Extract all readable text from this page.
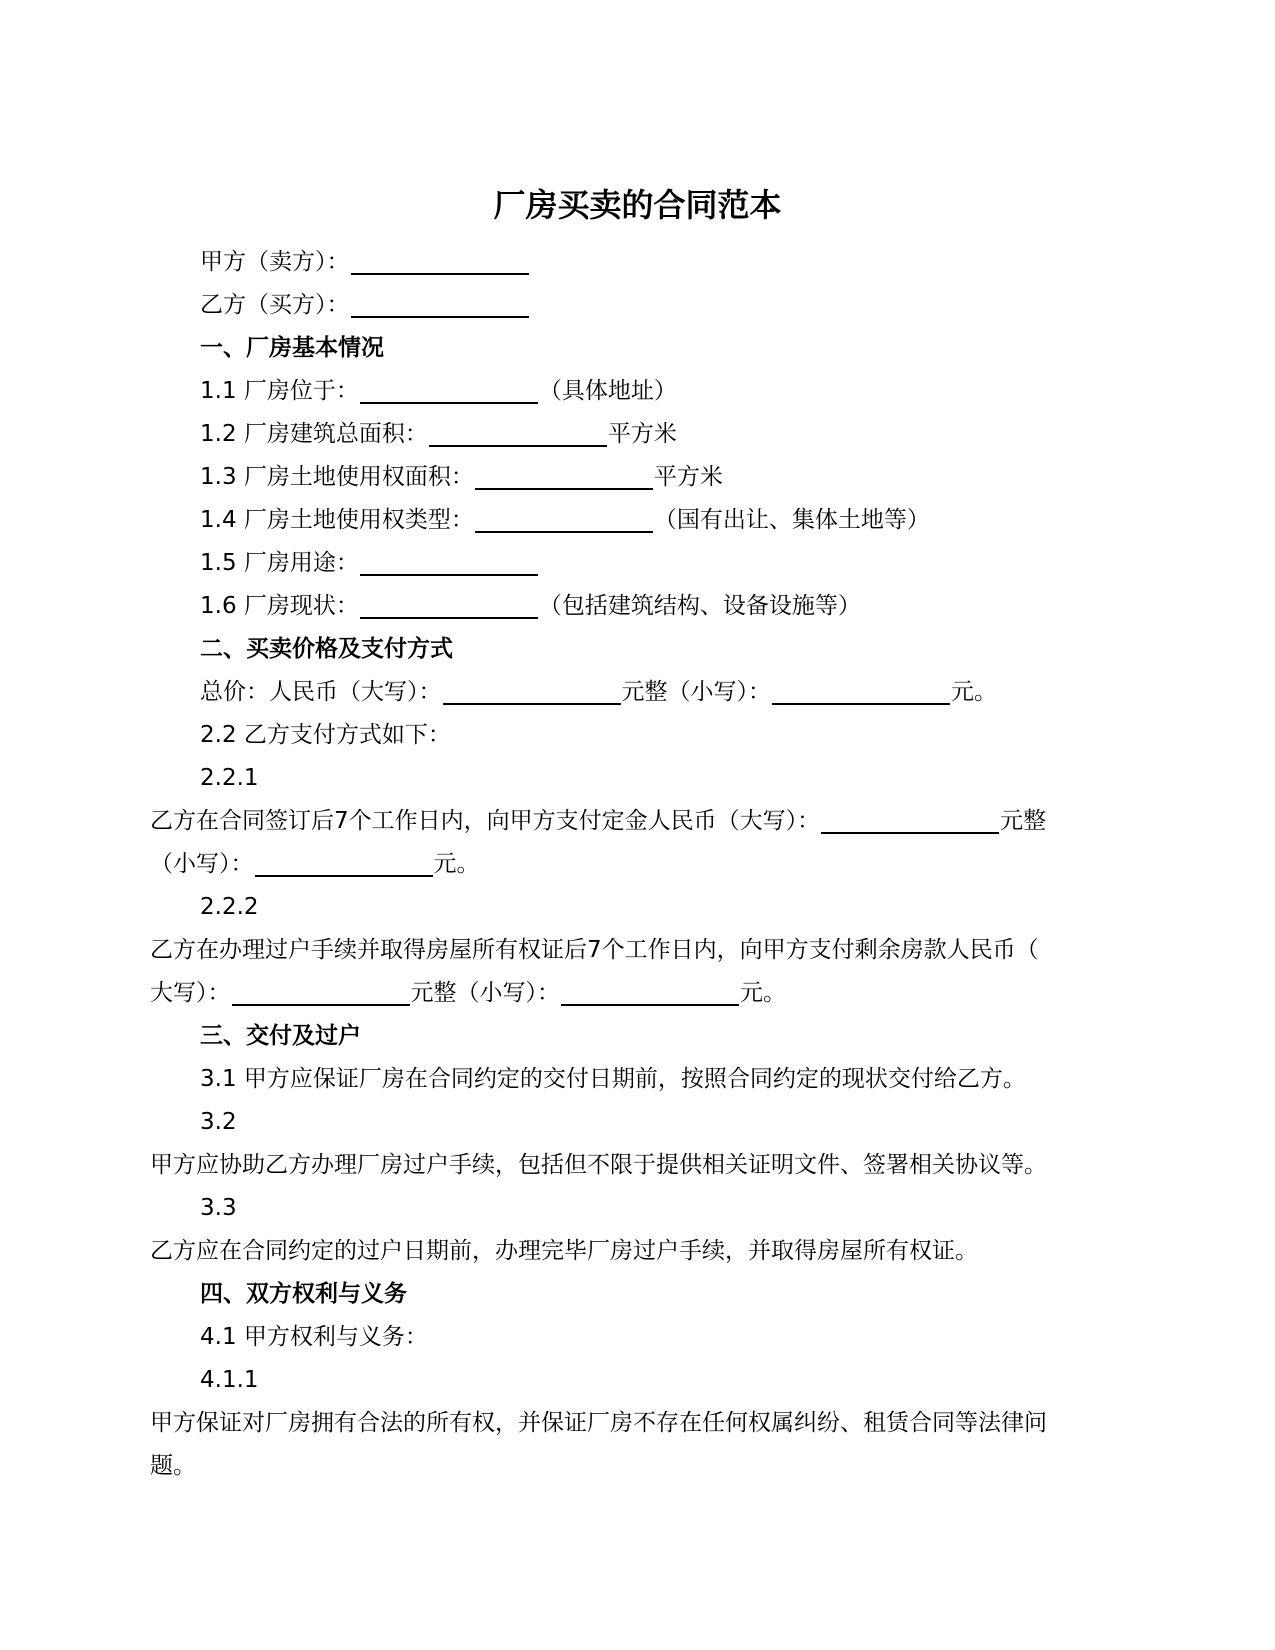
厂房买卖的合同范本
甲方（卖方）：
乙方（买方）：
一、厂房基本情况
1.1 厂房位于：	（具体地址）
1.2 厂房建筑总面积：	平方米
1.3 厂房土地使用权面积：	平方米
1.4 厂房土地使用权类型：	（国有出让、集体土地等）
1.5 厂房用途：
1.6 厂房现状：	（包括建筑结构、设备设施等）
二、买卖价格及支付方式
总价：人民币（大写）：	元整（小写）：	元。
2.2 乙方支付方式如下：
2.2.1
乙方在合同签订后7个工作日内，向甲方支付定金人民币（大写）：	元整
（小写）：	元。
2.2.2
乙方在办理过户手续并取得房屋所有权证后7个工作日内，向甲方支付剩余房款人民币（
大写）：	元整（小写）：	元。
三、交付及过户
3.1 甲方应保证厂房在合同约定的交付日期前，按照合同约定的现状交付给乙方。
3.2
甲方应协助乙方办理厂房过户手续，包括但不限于提供相关证明文件、签署相关协议等。
3.3
乙方应在合同约定的过户日期前，办理完毕厂房过户手续，并取得房屋所有权证。
四、双方权利与义务
4.1 甲方权利与义务：
4.1.1
甲方保证对厂房拥有合法的所有权，并保证厂房不存在任何权属纠纷、租赁合同等法律问
题。
